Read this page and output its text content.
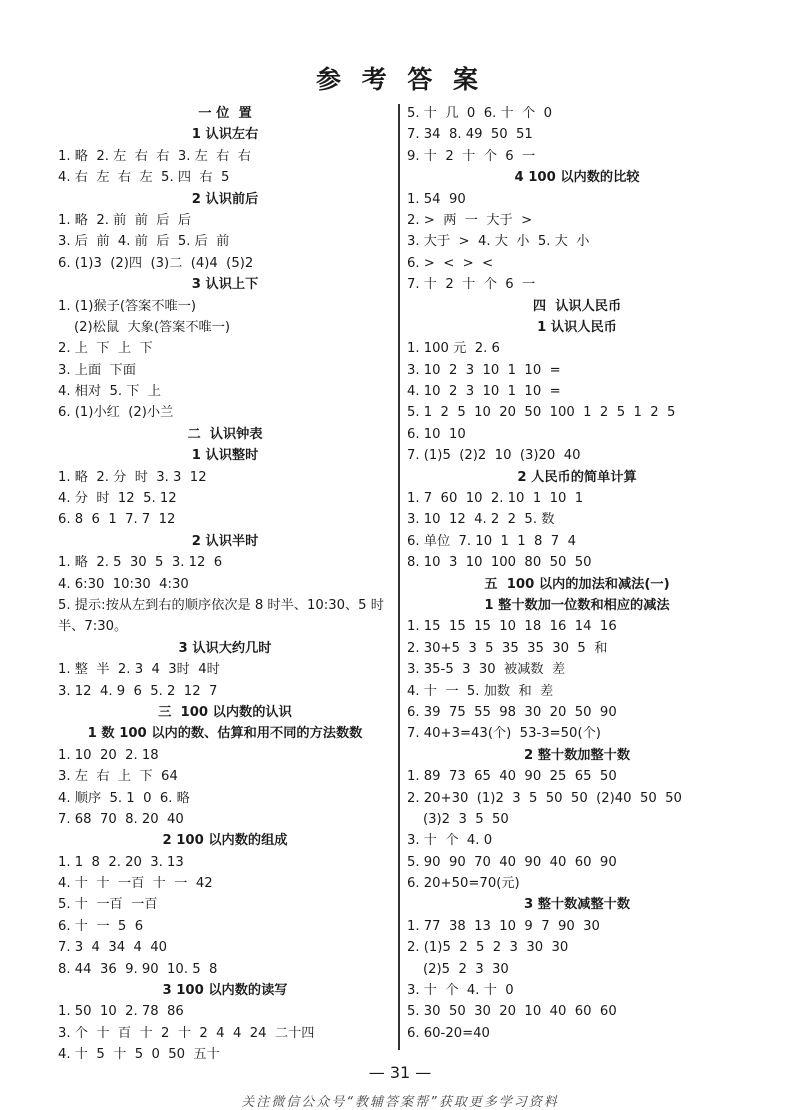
参 考 答 案
一 位  置
1 认识左右
1. 略  2. 左  右  右  3. 左  右  右
4. 右  左  右  左  5. 四  右  5
2 认识前后
1. 略  2. 前  前  后  后
3. 后  前  4. 前  后  5. 后  前
6. (1)3  (2)四  (3)二  (4)4  (5)2
3 认识上下
1. (1)猴子(答案不唯一)
(2)松鼠  大象(答案不唯一)
2. 上  下  上  下
3. 上面  下面
4. 相对  5. 下  上
6. (1)小红  (2)小兰
二  认识钟表
1 认识整时
1. 略  2. 分  时  3. 3  12
4. 分  时  12  5. 12
6. 8  6  1  7. 7  12
2 认识半时
1. 略  2. 5  30  5  3. 12  6
4. 6:30  10:30  4:30
5. 提示:按从左到右的顺序依次是 8 时半、10:30、5 时半、7:30。
3 认识大约几时
1. 整  半  2. 3  4  3时  4时
3. 12  4. 9  6  5. 2  12  7
三  100 以内数的认识
1 数 100 以内的数、估算和用不同的方法数数
1. 10  20  2. 18
3. 左  右  上  下  64
4. 顺序  5. 1  0  6. 略
7. 68  70  8. 20  40
2 100 以内数的组成
1. 1  8  2. 20  3. 13
4. 十  十  一百  十  一  42
5. 十  一百  一百
6. 十  一  5  6
7. 3  4  34  4  40
8. 44  36  9. 90  10. 5  8
3 100 以内数的读写
1. 50  10  2. 78  86
3. 个  十  百  十  2  十  2  4  4  24  二十四
4. 十  5  十  5  0  50  五十
5. 十  几  0  6. 十  个  0
7. 34  8. 49  50  51
9. 十  2  十  个  6  一
4 100 以内数的比较
1. 54  90
2. >  两  一  大于  >
3. 大于  >  4. 大  小  5. 大  小
6. >  <  >  <
7. 十  2  十  个  6  一
四  认识人民币
1 认识人民币
1. 100 元  2. 6
3. 10  2  3  10  1  10  =
4. 10  2  3  10  1  10  =
5. 1  2  5  10  20  50  100  1  2  5  1  2  5
6. 10  10
7. (1)5  (2)2  10  (3)20  40
2 人民币的简单计算
1. 7  60  10  2. 10  1  10  1
3. 10  12  4. 2  2  5. 数
6. 单位  7. 10  1  1  8  7  4
8. 10  3  10  100  80  50  50
五  100 以内的加法和减法(一)
1 整十数加一位数和相应的减法
1. 15  15  15  10  18  16  14  16
2. 30+5  3  5  35  35  30  5  和
3. 35-5  3  30  被减数  差
4. 十  一  5. 加数  和  差
6. 39  75  55  98  30  20  50  90
7. 40+3=43(个)  53-3=50(个)
2 整十数加整十数
1. 89  73  65  40  90  25  65  50
2. 20+30  (1)2  3  5  50  50  (2)40  50  50
(3)2  3  5  50
3. 十  个  4. 0
5. 90  90  70  40  90  40  60  90
6. 20+50=70(元)
3 整十数减整十数
1. 77  38  13  10  9  7  90  30
2. (1)5  2  5  2  3  30  30
(2)5  2  3  30
3. 十  个  4. 十  0
5. 30  50  30  20  10  40  60  60
6. 60-20=40
— 31 —
关注微信公众号“教辅答案帮”获取更多学习资料
